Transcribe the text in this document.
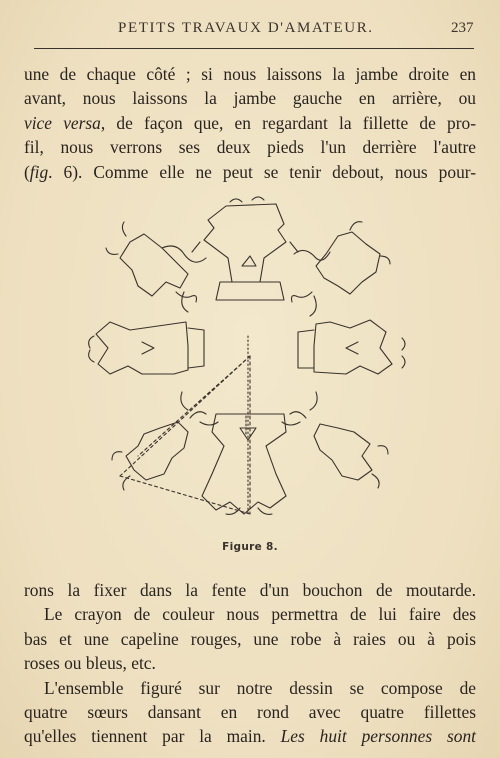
PETITS TRAVAUX D'AMATEUR.	237
une de chaque côté ; si nous laissons la jambe droite en
avant, nous laissons la jambe gauche en arrière, ou
vice versa, de façon que, en regardant la fillette de pro-
fil, nous verrons ses deux pieds l'un derrière l'autre
(fig. 6). Comme elle ne peut se tenir debout, nous pour-
Figure 8.
rons la fixer dans la fente d'un bouchon de moutarde.
Le crayon de couleur nous permettra de lui faire des
bas et une capeline rouges, une robe à raies ou à pois
roses ou bleus, etc.
L'ensemble figuré sur notre dessin se compose de
quatre sœurs dansant en rond avec quatre fillettes
qu'elles tiennent par la main. Les huit personnes sont
